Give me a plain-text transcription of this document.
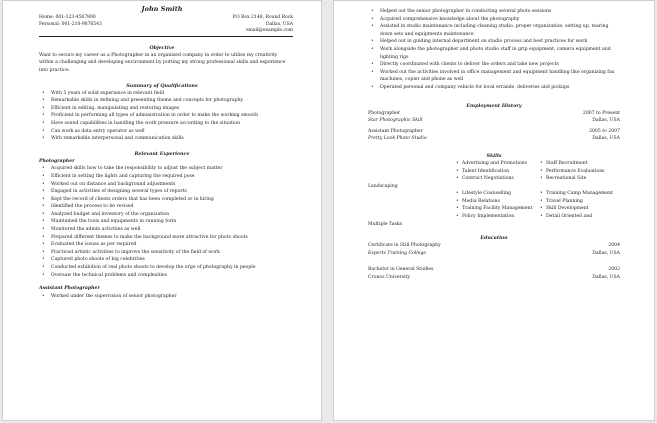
John Smith
Home: 001-123-4567890
Personal: 001-210-9876543
P.O Box 2148, Round Rock
Dallas, USA
email@example.com
Objective
Want to secure my career as a Photographer in an organized company in order to utilize my creativity within a challenging and developing environment by putting my strong professional skills and experience into practice.
Summary of Qualifications
• With 5 years of solid experience in relevant field
• Remarkable skills in defining and presenting theme and concepts for photography
• Efficient in editing, manipulating and restoring images
• Proficient in performing all types of administration in order to make the working smooth
• Have sound capabilities in handling the work pressure according to the situation
• Can work as data entry operator as well
• With remarkable interpersonal and communication skills
Relevant Experience
Photographer
• Acquired skills how to take the responsibility to adjust the subject matter
• Efficient in setting the lights and capturing the required pose
• Worked out on distance and background adjustments
• Engaged in activities of designing several types of reports
• Kept the record of clients orders that has been completed or in hiring
• Identified the process to be revised
• Analyzed budget and inventory of the organization
• Maintained the tools and equipments in running form
• Monitored the admin activities as well
• Prepared different themes to make the background more attractive for photo shoots
• Evaluated the issues as per required
• Practiced artistic activities to improve the sensitivity of the field of work
• Captured photo shoots of big celebrities
• Conducted exhibition of real photo shoots to develop the urge of photography in people
• Oversaw the technical problems and complexities
Assistant Photographer
• Worked under the supervision of senior photographer
• Helped out the senior photographer in conducting several photo sessions
• Acquired comprehensive knowledge about the photography
• Assisted in studio maintenance including cleaning studio, proper organization, setting up, tearing down sets and equipments maintenance
• Helped out in guiding internal department on studio process and best practices for work
• Work alongside the photographer and photo studio staff in grip equipment, camera equipment and lighting rigs
• Directly coordinated with clients to deliver the orders and take new projects
• Worked out the activities involved in office management and equipment handling like organizing fax machines, copier and phone as well
• Operated personal and company vehicle for local errands, deliveries and pickups
Employment History
Photographer	2007 to Present
Star Photographic Skill	Dallas, USA
Assistant Photographer	2005 to 2007
Pretty Look Photo Studio	Dallas, USA
Skills
• Advertising and Promotions	• Staff Recruitment
• Talent Identification	• Performance Evaluations
• Contract Negotiations	• Recreational Site
Landscaping
• Lifestyle Counselling	• Training Camp Management
• Media Relations	• Travel Planning
• Training Facility Management	• Skill Development
• Policy Implementation	• Detail Oriented and
Multiple Tasks
Education
Certificate in Still Photography	2004
Esports Training College	Dallas, USA
Bachelor in General Studies	2002
Cronos University	Dallas, USA
